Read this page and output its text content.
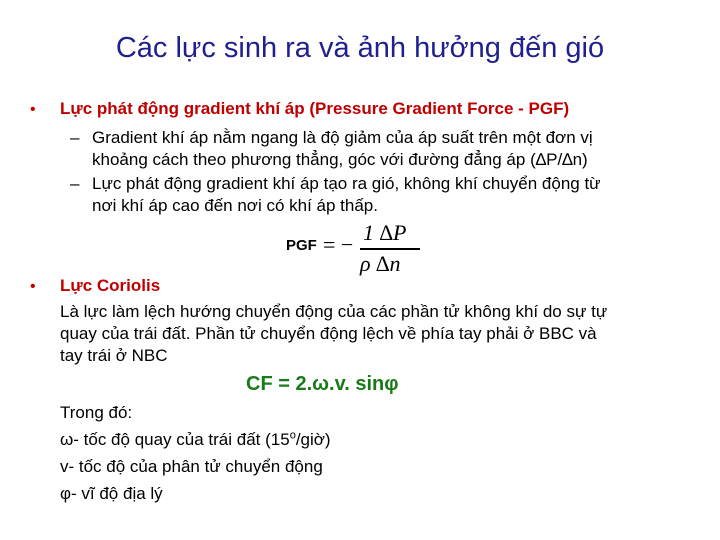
Các lực sinh ra và ảnh hưởng đến gió
• Lực phát động gradient khí áp (Pressure Gradient Force - PGF)
– Gradient khí áp nằm ngang là độ giảm của áp suất trên một đơn vị
khoảng cách theo phương thẳng, góc với đường đẳng áp (∆P/∆n)
– Lực phát động gradient khí áp tạo ra gió, không khí chuyển động từ
nơi khí áp cao đến nơi có khí áp thấp.
PGF = − 1 ∆P
ρ ∆n
• Lực Coriolis
Là lực làm lệch hướng chuyển động của các phần tử không khí do sự tự
quay của trái đất. Phần tử chuyển động lệch về phía tay phải ở BBC và
tay trái ở NBC
CF = 2.ω.v. sinφ
Trong đó:
ω- tốc độ quay của trái đất (15$^o$/giờ)
v- tốc độ của phân tử chuyển động
φ- vĩ độ địa lý
